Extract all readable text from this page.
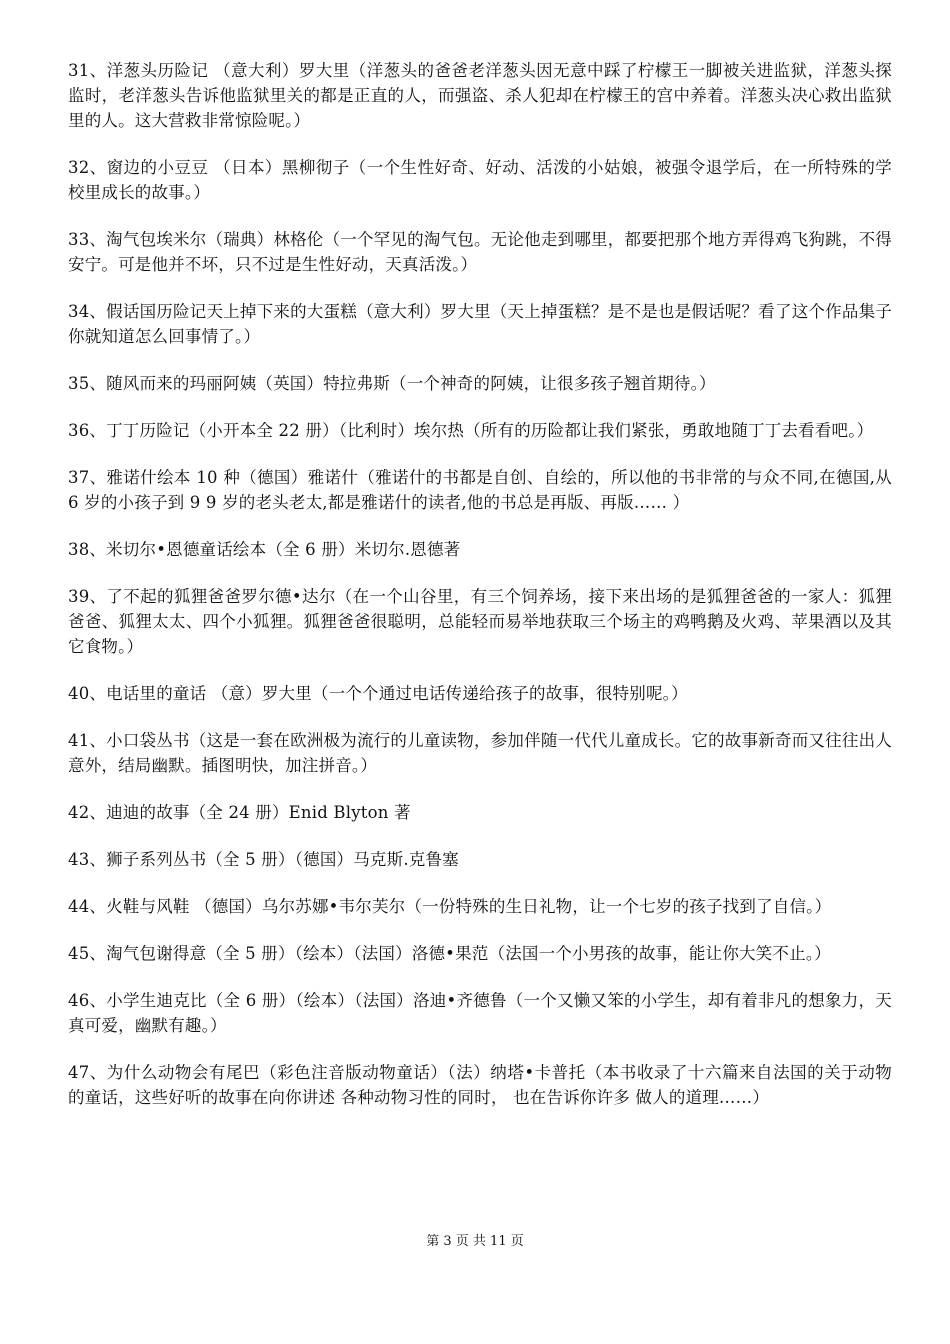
31、洋葱头历险记 （意大利）罗大里（洋葱头的爸爸老洋葱头因无意中踩了柠檬王一脚被关进监狱，洋葱头探监时，老洋葱头告诉他监狱里关的都是正直的人，而强盗、杀人犯却在柠檬王的宫中养着。洋葱头决心救出监狱里的人。这大营救非常惊险呢。）

32、窗边的小豆豆 （日本）黑柳彻子（一个生性好奇、好动、活泼的小姑娘，被强令退学后，在一所特殊的学校里成长的故事。）

33、淘气包埃米尔（瑞典）林格伦（一个罕见的淘气包。无论他走到哪里，都要把那个地方弄得鸡飞狗跳，不得安宁。可是他并不坏，只不过是生性好动，天真活泼。）

34、假话国历险记天上掉下来的大蛋糕（意大利）罗大里（天上掉蛋糕？是不是也是假话呢？看了这个作品集子你就知道怎么回事情了。）

35、随风而来的玛丽阿姨（英国）特拉弗斯（一个神奇的阿姨，让很多孩子翘首期待。）

36、丁丁历险记（小开本全 22 册）（比利时）埃尔热（所有的历险都让我们紧张，勇敢地随丁丁去看看吧。）

37、雅诺什绘本 10 种（德国）雅诺什（雅诺什的书都是自创、自绘的，所以他的书非常的与众不同,在德国,从 6 岁的小孩子到 9 9 岁的老头老太,都是雅诺什的读者,他的书总是再版、再版…… ）

38、米切尔•恩德童话绘本（全 6 册）米切尔.恩德著

39、了不起的狐狸爸爸罗尔德•达尔（在一个山谷里，有三个饲养场，接下来出场的是狐狸爸爸的一家人：狐狸爸爸、狐狸太太、四个小狐狸。狐狸爸爸很聪明，总能轻而易举地获取三个场主的鸡鸭鹅及火鸡、苹果酒以及其它食物。）

40、电话里的童话 （意）罗大里（一个个通过电话传递给孩子的故事，很特别呢。）

41、小口袋丛书（这是一套在欧洲极为流行的儿童读物，参加伴随一代代儿童成长。它的故事新奇而又往往出人意外，结局幽默。插图明快，加注拼音。）

42、迪迪的故事（全 24 册）Enid Blyton 著

43、狮子系列丛书（全 5 册）（德国）马克斯.克鲁塞

44、火鞋与风鞋 （德国）乌尔苏娜•韦尔芙尔（一份特殊的生日礼物，让一个七岁的孩子找到了自信。）

45、淘气包谢得意（全 5 册）（绘本）（法国）洛德•果范（法国一个小男孩的故事，能让你大笑不止。）

46、小学生迪克比（全 6 册）（绘本）（法国）洛迪•齐德鲁（一个又懒又笨的小学生，却有着非凡的想象力，天真可爱，幽默有趣。）

47、为什么动物会有尾巴（彩色注音版动物童话）（法）纳塔•卡普托（本书收录了十六篇来自法国的关于动物的童话，这些好听的故事在向你讲述 各种动物习性的同时， 也在告诉你许多 做人的道理……）

第 3 页 共 11 页
